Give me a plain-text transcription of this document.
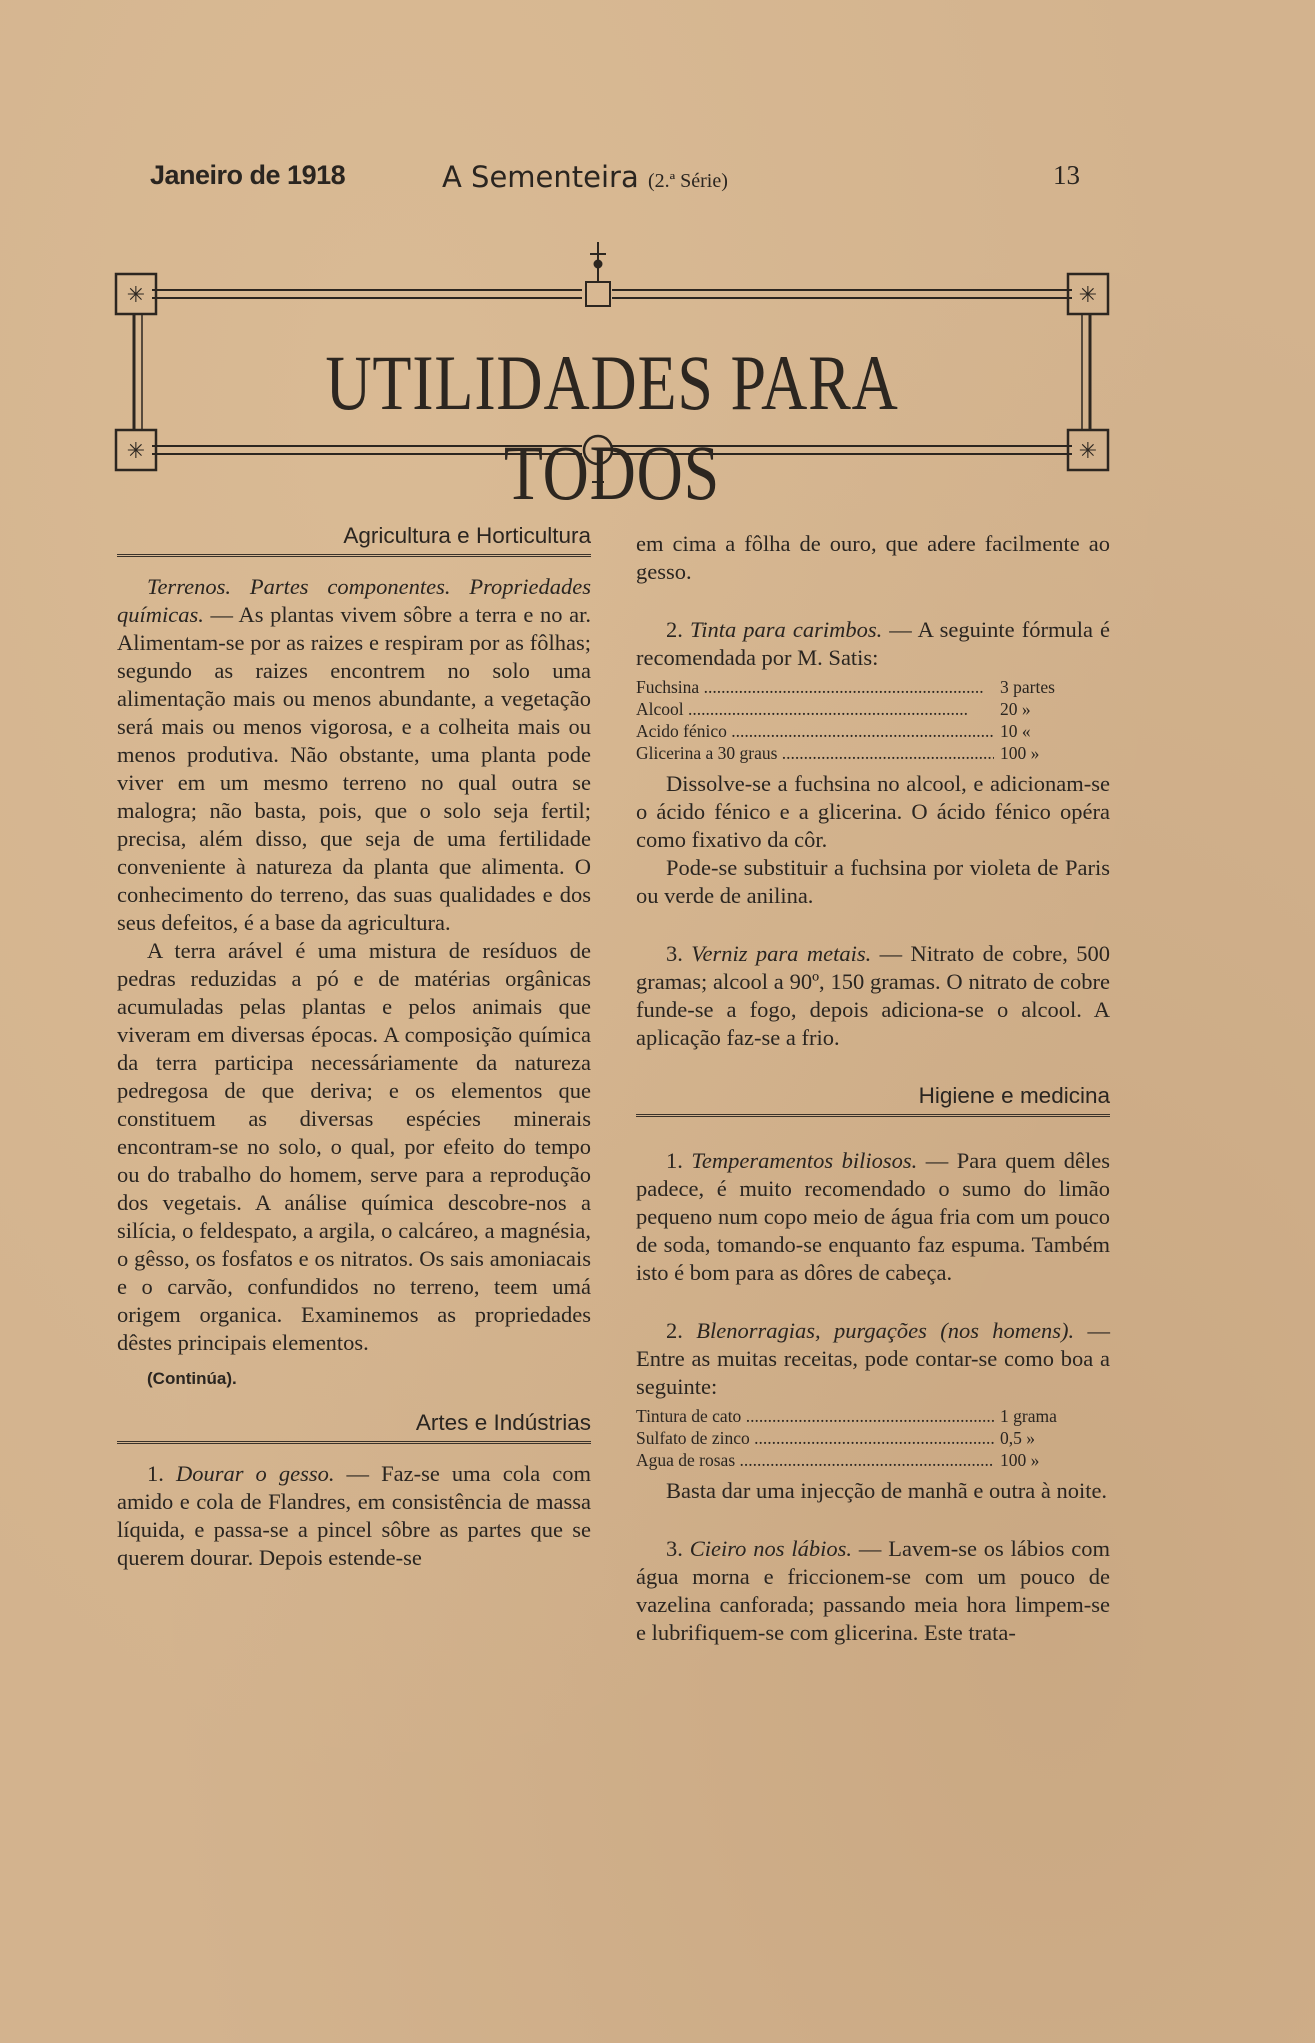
Janeiro de 1918	A Sementeira (2.ª Série)	13
✳	✳
✳	✳
UTILIDADES PARA TODOS

Agricultura e Horticultura

Terrenos. Partes componentes. Propriedades químicas. — As plantas vivem sôbre a terra e no ar. Alimentam-se por as raizes e respiram por as fôlhas; segundo as raizes encontrem no solo uma alimentação mais ou menos abundante, a vegetação será mais ou menos vigorosa, e a colheita mais ou menos produtiva. Não obstante, uma planta pode viver em um mesmo terreno no qual outra se malogra; não basta, pois, que o solo seja fertil; precisa, além disso, que seja de uma fertilidade conveniente à natureza da planta que alimenta. O conhecimento do terreno, das suas qualidades e dos seus defeitos, é a base da agricultura.

A terra arável é uma mistura de resíduos de pedras reduzidas a pó e de matérias orgânicas acumuladas pelas plantas e pelos animais que viveram em diversas épocas. A composição química da terra participa necessáriamente da natureza pedregosa de que deriva; e os elementos que constituem as diversas espécies minerais encontram-se no solo, o qual, por efeito do tempo ou do trabalho do homem, serve para a reprodução dos vegetais. A análise química descobre-nos a silícia, o feldespato, a argila, o calcáreo, a magnésia, o gêsso, os fosfatos e os nitratos. Os sais amoniacais e o carvão, confundidos no terreno, teem umá origem organica. Examinemos as propriedades dêstes principais elementos.

(Continúa).

Artes e Indústrias

1. Dourar o gesso. — Faz-se uma cola com amido e cola de Flandres, em consistência de massa líquida, e passa-se a pincel sôbre as partes que se querem dourar. Depois estende-se

em cima a fôlha de ouro, que adere facilmente ao gesso.

2. Tinta para carimbos. — A seguinte fórmula é recomendada por M. Satis:

Fuchsina .....	3 partes
Alcool .....	20 »
Acido fénico .....	10 «
Glicerina a 30 graus .....	100 »

Dissolve-se a fuchsina no alcool, e adicionam-se o ácido fénico e a glicerina. O ácido fénico opéra como fixativo da côr.

Pode-se substituir a fuchsina por violeta de Paris ou verde de anilina.

3. Verniz para metais. — Nitrato de cobre, 500 gramas; alcool a 90º, 150 gramas. O nitrato de cobre funde-se a fogo, depois adiciona-se o alcool. A aplicação faz-se a frio.

Higiene e medicina

1. Temperamentos biliosos. — Para quem dêles padece, é muito recomendado o sumo do limão pequeno num copo meio de água fria com um pouco de soda, tomando-se enquanto faz espuma. Também isto é bom para as dôres de cabeça.

2. Blenorragias, purgações (nos homens). — Entre as muitas receitas, pode contar-se como boa a seguinte:

Tintura de cato .....	1 grama
Sulfato de zinco .....	0,5 »
Agua de rosas .....	100 »

Basta dar uma injecção de manhã e outra à noite.

3. Cieiro nos lábios. — Lavem-se os lábios com água morna e friccionem-se com um pouco de vazelina canforada; passando meia hora limpem-se e lubrifiquem-se com glicerina. Este trata-
